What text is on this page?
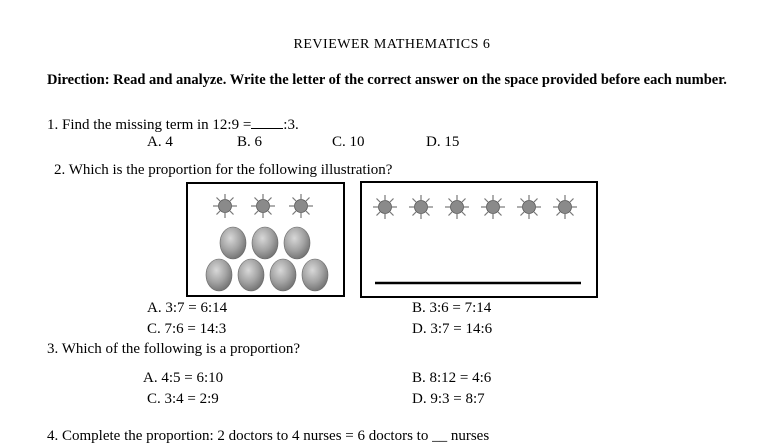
REVIEWER MATHEMATICS 6
Direction: Read and analyze. Write the letter of the correct answer on the space provided before each number.
1. Find the missing term in 12:9 = :3.
A. 4	B. 6	C. 10	D. 15
2. Which is the proportion for the following illustration?
A. 3:7 = 6:14	B. 3:6 = 7:14
C. 7:6 = 14:3	D. 3:7 = 14:6
3. Which of the following is a proportion?
A. 4:5 = 6:10	B. 8:12 = 4:6
C. 3:4 = 2:9	D. 9:3 = 8:7
4. Complete the proportion: 2 doctors to 4 nurses = 6 doctors to __ nurses
